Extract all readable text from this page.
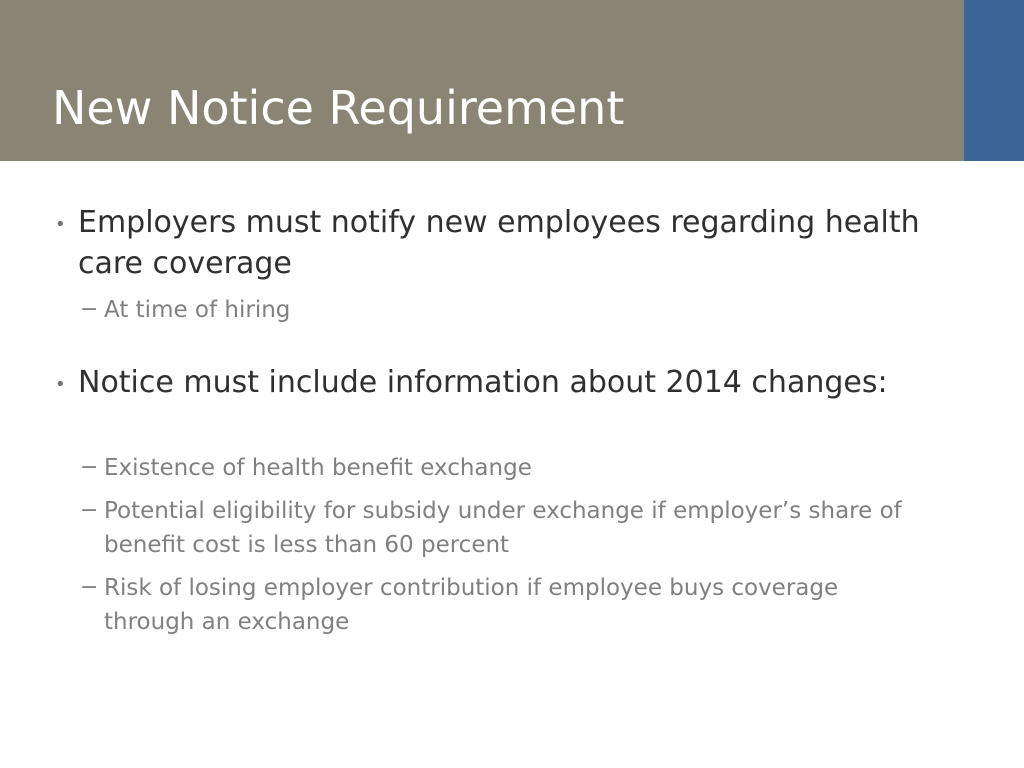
New Notice Requirement
• Employers must notify new employees regarding health care coverage
− At time of hiring
• Notice must include information about 2014 changes:
− Existence of health benefit exchange
− Potential eligibility for subsidy under exchange if employer’s share of benefit cost is less than 60 percent
− Risk of losing employer contribution if employee buys coverage through an exchange
